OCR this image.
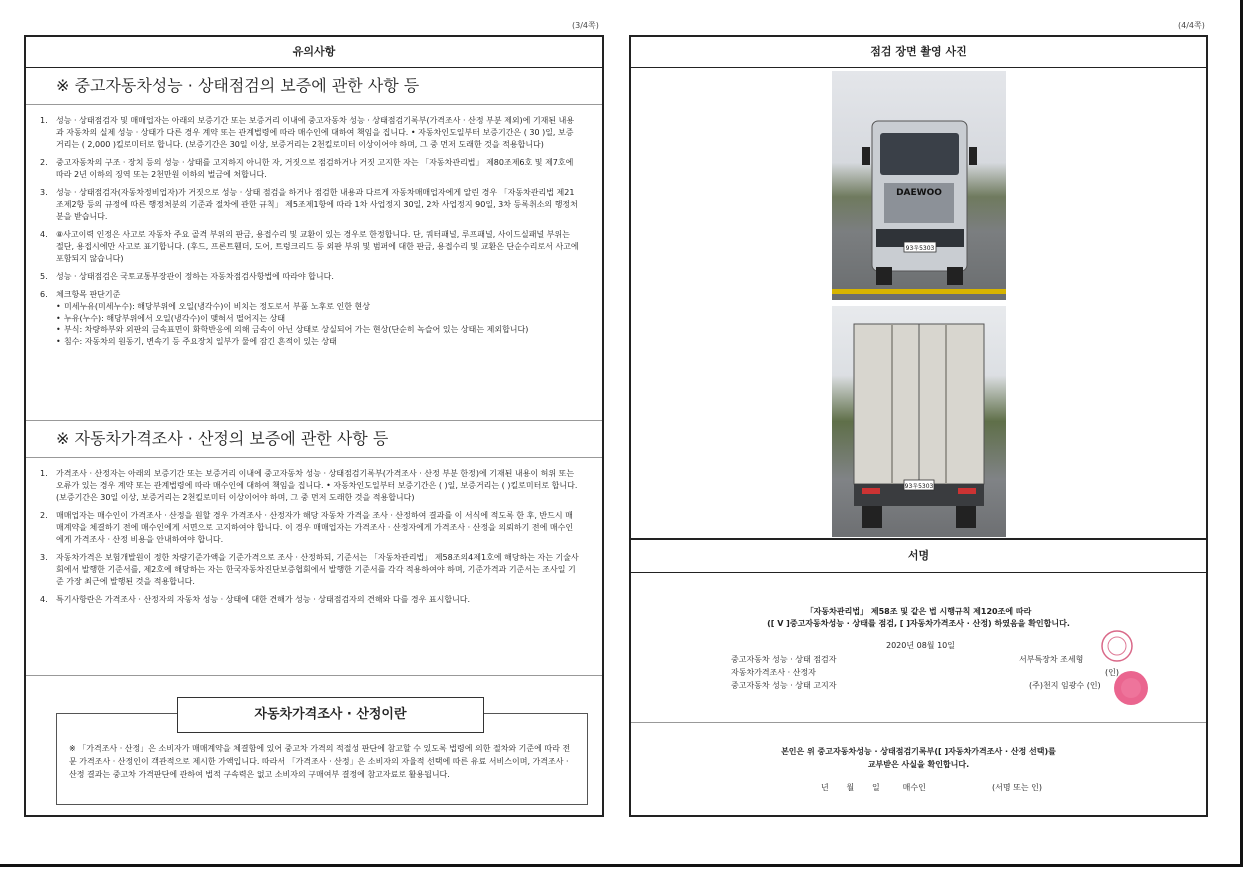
(3/4쪽)	(4/4쪽)
유의사항
※ 중고자동차성능 · 상태점검의 보증에 관한 사항 등
1. 성능 · 상태점검자 및 매매업자는 아래의 보증기간 또는 보증거리 이내에 중고자동차 성능 · 상태점검기록부(가격조사 · 산정 부분 제외)에 기재된 내용과 자동차의 실제 성능 · 상태가 다른 경우 계약 또는 관계법령에 따라 매수인에 대하여 책임을 집니다. • 자동차인도일부터 보증기간은 ( 30 )일, 보증거리는 ( 2,000 )킬로미터로 합니다. (보증기간은 30일 이상, 보증거리는 2천킬로미터 이상이어야 하며, 그 중 먼저 도래한 것을 적용합니다)
2. 중고자동차의 구조 · 장치 등의 성능 · 상태를 고지하지 아니한 자, 거짓으로 점검하거나 거짓 고지한 자는 「자동차관리법」 제80조제6호 및 제7호에 따라 2년 이하의 징역 또는 2천만원 이하의 벌금에 처합니다.
3. 성능 · 상태점검자(자동차정비업자)가 거짓으로 성능 · 상태 점검을 하거나 점검한 내용과 다르게 자동차매매업자에게 알린 경우 「자동차관리법 제21조제2항 등의 규정에 따른 행정처분의 기준과 절차에 관한 규칙」 제5조제1항에 따라 1차 사업정지 30일, 2차 사업정지 90일, 3차 등록취소의 행정처분을 받습니다.
4. ⑧사고이력 인정은 사고로 자동차 주요 골격 부위의 판금, 용접수리 및 교환이 있는 경우로 한정합니다. 단, 쿼터패널, 루프패널, 사이드실패널 부위는 절단, 용접시에만 사고로 표기합니다. (후드, 프론트휀더, 도어, 트렁크리드 등 외판 부위 및 범퍼에 대한 판금, 용접수리 및 교환은 단순수리로서 사고에 포함되지 않습니다)
5. 성능 · 상태점검은 국토교통부장관이 정하는 자동차점검사항법에 따라야 합니다.
6. 체크항목 판단기준
• 미세누유(미세누수): 해당부위에 오일(냉각수)이 비치는 정도로서 부품 노후로 인한 현상
• 누유(누수): 해당부위에서 오일(냉각수)이 맺혀서 떨어지는 상태
• 부식: 차량하부와 외판의 금속표면이 화학반응에 의해 금속이 아닌 상태로 상실되어 가는 현상(단순히 녹슬어 있는 상태는 제외합니다)
• 침수: 자동차의 원동기, 변속기 등 주요장치 일부가 물에 잠긴 흔적이 있는 상태
※ 자동차가격조사 · 산정의 보증에 관한 사항 등
1. 가격조사 · 산정자는 아래의 보증기간 또는 보증거리 이내에 중고자동차 성능 · 상태점검기록부(가격조사 · 산정 부분 한정)에 기재된 내용이 허위 또는 오류가 있는 경우 계약 또는 관계법령에 따라 매수인에 대하여 책임을 집니다. • 자동차인도일부터 보증기간은 ( )일, 보증거리는 ( )킬로미터로 합니다. (보증기간은 30일 이상, 보증거리는 2천킬로미터 이상이어야 하며, 그 중 먼저 도래한 것을 적용합니다)
2. 매매업자는 매수인이 가격조사 · 산정을 원할 경우 가격조사 · 산정자가 해당 자동차 가격을 조사 · 산정하여 결과를 이 서식에 적도록 한 후, 반드시 매매계약을 체결하기 전에 매수인에게 서면으로 고지하여야 합니다. 이 경우 매매업자는 가격조사 · 산정자에게 가격조사 · 산정을 의뢰하기 전에 매수인에게 가격조사 · 산정 비용을 안내하여야 합니다.
3. 자동차가격은 보험개발원이 정한 차량기준가액을 기준가격으로 조사 · 산정하되, 기준서는 「자동차관리법」 제58조의4제1호에 해당하는 자는 기술사회에서 발행한 기준서를, 제2호에 해당하는 자는 한국자동차진단보증협회에서 발행한 기준서를 각각 적용하여야 하며, 기준가격과 기준서는 조사일 기준 가장 최근에 발행된 것을 적용합니다.
4. 특기사항란은 가격조사 · 산정자의 자동차 성능 · 상태에 대한 견해가 성능 · 상태점검자의 견해와 다를 경우 표시합니다.
자동차가격조사 · 산정이란
※ 「가격조사 · 산정」은 소비자가 매매계약을 체결함에 있어 중고차 가격의 적절성 판단에 참고할 수 있도록 법령에 의한 절차와 기준에 따라 전문 가격조사 · 산정인이 객관적으로 제시한 가액입니다. 따라서 「가격조사 · 산정」은 소비자의 자율적 선택에 따른 유료 서비스이며, 가격조사 · 산정 결과는 중고차 가격판단에 관하여 법적 구속력은 없고 소비자의 구매여부 결정에 참고자료로 활용됩니다.
점검 장면 촬영 사진
DAEWOO
93우5303
93우5303
서명
「자동차관리법」 제58조 및 같은 법 시행규칙 제120조에 따라
([ V ]중고자동차성능 · 상태를 점검, [ ]자동차가격조사 · 산정) 하였음을 확인합니다.
2020년 08월 10일
중고자동차 성능 · 상태 점검자	서부특장차 조세형
자동차가격조사 · 산정자	(인)
중고자동차 성능 · 상태 고지자	(주)천지 임광수 (인)
본인은 위 중고자동차성능 · 상태점검기록부([ ]자동차가격조사 · 산정 선택)를
교부받은 사실을 확인합니다.
년       월       일         매수인                          (서명 또는 인)
